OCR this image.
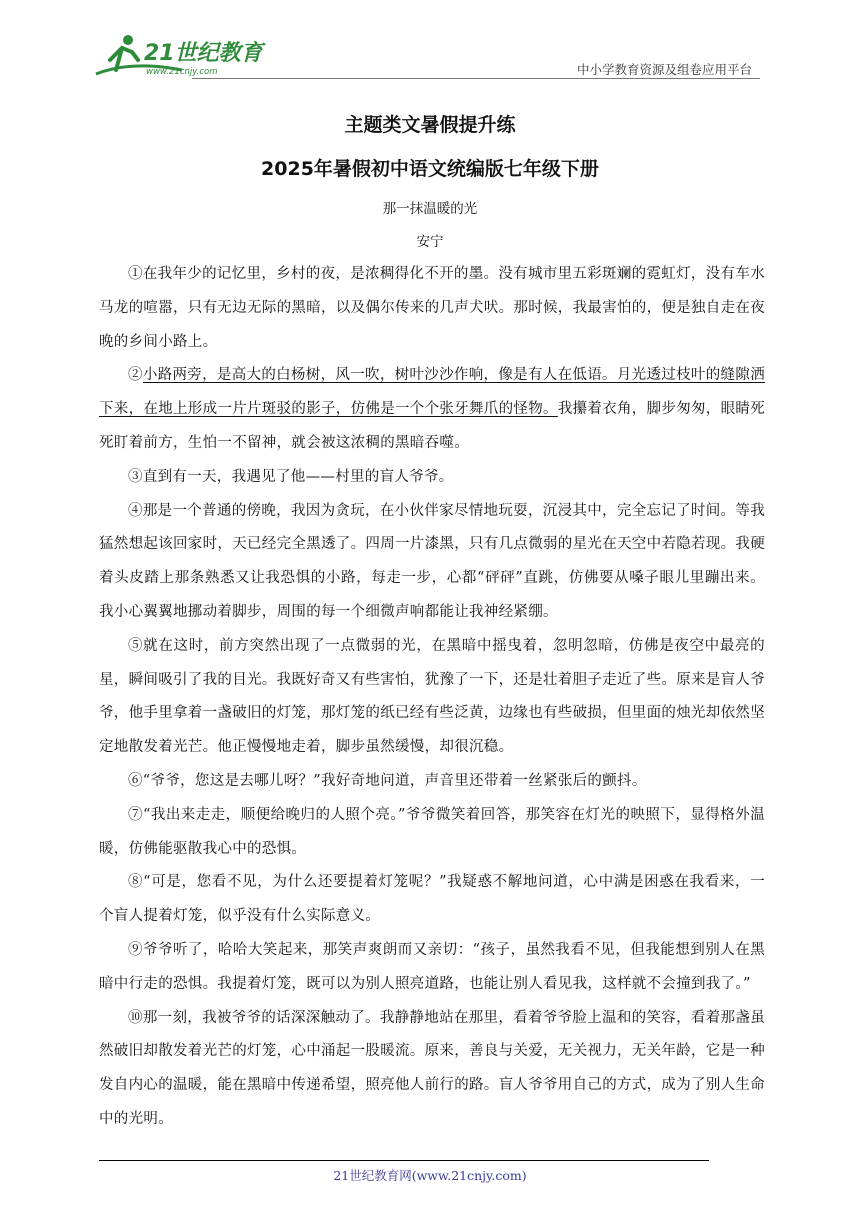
21世纪教育
www.21cnjy.com	中小学教育资源及组卷应用平台
主题类文暑假提升练
2025年暑假初中语文统编版七年级下册
那一抹温暖的光
安宁

①在我年少的记忆里，乡村的夜，是浓稠得化不开的墨。没有城市里五彩斑斓的霓虹灯，没有车水马龙的喧嚣，只有无边无际的黑暗，以及偶尔传来的几声犬吠。那时候，我最害怕的，便是独自走在夜晚的乡间小路上。

②小路两旁，是高大的白杨树，风一吹，树叶沙沙作响，像是有人在低语。月光透过枝叶的缝隙洒下来，在地上形成一片片斑驳的影子，仿佛是一个个张牙舞爪的怪物。我攥着衣角，脚步匆匆，眼睛死死盯着前方，生怕一不留神，就会被这浓稠的黑暗吞噬。

③直到有一天，我遇见了他——村里的盲人爷爷。

④那是一个普通的傍晚，我因为贪玩，在小伙伴家尽情地玩耍，沉浸其中，完全忘记了时间。等我猛然想起该回家时，天已经完全黑透了。四周一片漆黑，只有几点微弱的星光在天空中若隐若现。我硬着头皮踏上那条熟悉又让我恐惧的小路，每走一步，心都“砰砰”直跳，仿佛要从嗓子眼儿里蹦出来。我小心翼翼地挪动着脚步，周围的每一个细微声响都能让我神经紧绷。

⑤就在这时，前方突然出现了一点微弱的光，在黑暗中摇曳着，忽明忽暗，仿佛是夜空中最亮的星，瞬间吸引了我的目光。我既好奇又有些害怕，犹豫了一下，还是壮着胆子走近了些。原来是盲人爷爷，他手里拿着一盏破旧的灯笼，那灯笼的纸已经有些泛黄，边缘也有些破损，但里面的烛光却依然坚定地散发着光芒。他正慢慢地走着，脚步虽然缓慢，却很沉稳。

⑥“爷爷，您这是去哪儿呀？”我好奇地问道，声音里还带着一丝紧张后的颤抖。

⑦“我出来走走，顺便给晚归的人照个亮。”爷爷微笑着回答，那笑容在灯光的映照下，显得格外温暖，仿佛能驱散我心中的恐惧。

⑧“可是，您看不见，为什么还要提着灯笼呢？”我疑惑不解地问道，心中满是困惑在我看来，一个盲人提着灯笼，似乎没有什么实际意义。

⑨爷爷听了，哈哈大笑起来，那笑声爽朗而又亲切：“孩子，虽然我看不见，但我能想到别人在黑暗中行走的恐惧。我提着灯笼，既可以为别人照亮道路，也能让别人看见我，这样就不会撞到我了。”

⑩那一刻，我被爷爷的话深深触动了。我静静地站在那里，看着爷爷脸上温和的笑容，看着那盏虽然破旧却散发着光芒的灯笼，心中涌起一股暖流。原来，善良与关爱，无关视力，无关年龄，它是一种发自内心的温暖，能在黑暗中传递希望，照亮他人前行的路。盲人爷爷用自己的方式，成为了别人生命中的光明。

21世纪教育网(www.21cnjy.com)
